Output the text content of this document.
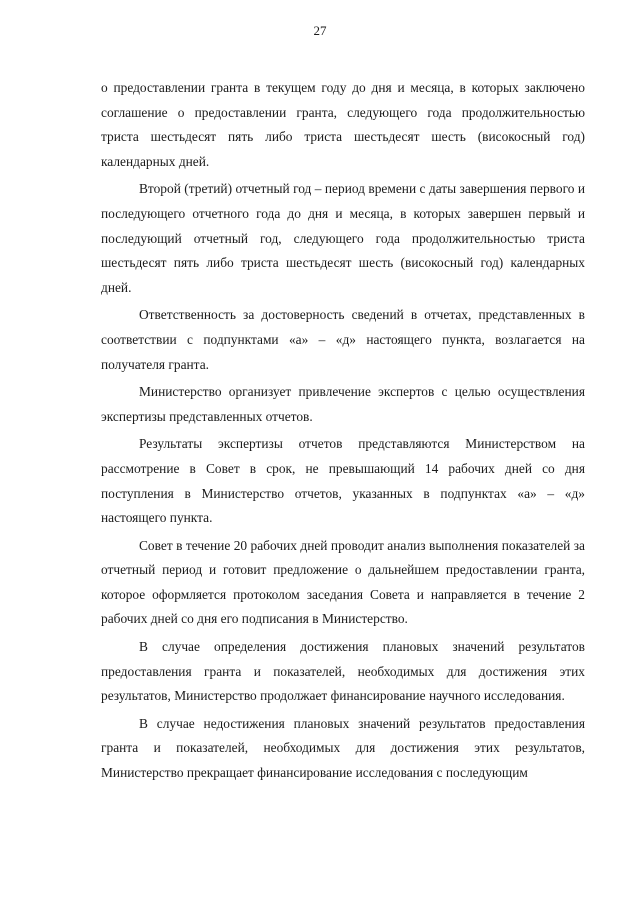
27

о предоставлении гранта в текущем году до дня и месяца, в которых заключено соглашение о предоставлении гранта, следующего года продолжительностью триста шестьдесят пять либо триста шестьдесят шесть (високосный год) календарных дней.

Второй (третий) отчетный год – период времени с даты завершения первого и последующего отчетного года до дня и месяца, в которых завершен первый и последующий отчетный год, следующего года продолжительностью триста шестьдесят пять либо триста шестьдесят шесть (високосный год) календарных дней.

Ответственность за достоверность сведений в отчетах, представленных в соответствии с подпунктами «а» – «д» настоящего пункта, возлагается на получателя гранта.

Министерство организует привлечение экспертов с целью осуществления экспертизы представленных отчетов.

Результаты экспертизы отчетов представляются Министерством на рассмотрение в Совет в срок, не превышающий 14 рабочих дней со дня поступления в Министерство отчетов, указанных в подпунктах «а» – «д» настоящего пункта.

Совет в течение 20 рабочих дней проводит анализ выполнения показателей за отчетный период и готовит предложение о дальнейшем предоставлении гранта, которое оформляется протоколом заседания Совета и направляется в течение 2 рабочих дней со дня его подписания в Министерство.

В случае определения достижения плановых значений результатов предоставления гранта и показателей, необходимых для достижения этих результатов, Министерство продолжает финансирование научного исследования.

В случае недостижения плановых значений результатов предоставления гранта и показателей, необходимых для достижения этих результатов, Министерство прекращает финансирование исследования с последующим
